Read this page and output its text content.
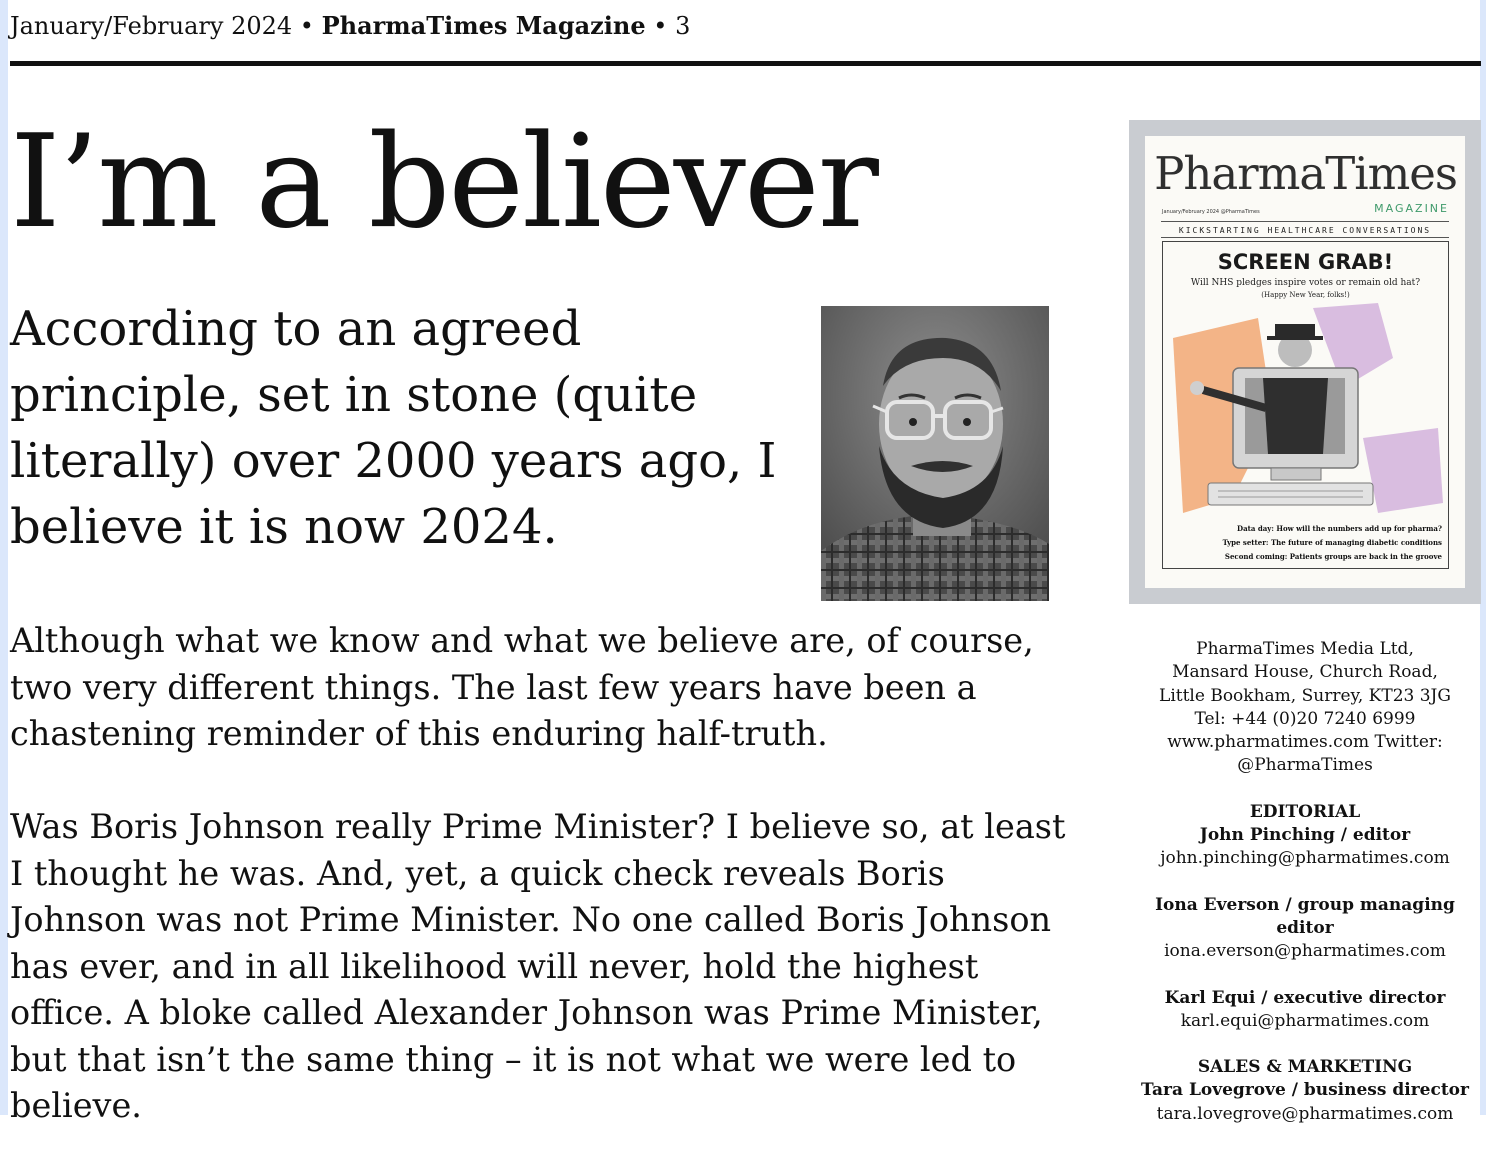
January/February 2024 • PharmaTimes Magazine • 3
I’m a believer
According to an agreed principle, set in stone (quite literally) over 2000 years ago, I believe it is now 2024.

Although what we know and what we believe are, of course, two very different things. The last few years have been a chastening reminder of this enduring half-truth.

Was Boris Johnson really Prime Minister? I believe so, at least I thought he was. And, yet, a quick check reveals Boris Johnson was not Prime Minister. No one called Boris Johnson has ever, and in all likelihood will never, hold the highest office. A bloke called Alexander Johnson was Prime Minister, but that isn’t the same thing – it is not what we were led to believe.

PharmaTimes
MAGAZINE
January/February 2024 @PharmaTimes
KICKSTARTING HEALTHCARE CONVERSATIONS
SCREEN GRAB!
Will NHS pledges inspire votes or remain old hat?
(Happy New Year, folks!)
Data day: How will the numbers add up for pharma?
Type setter: The future of managing diabetic conditions
Second coming: Patients groups are back in the groove
PharmaTimes Media Ltd,
Mansard House, Church Road,
Little Bookham, Surrey, KT23 3JG
Tel: +44 (0)20 7240 6999
www.pharmatimes.com Twitter:
@PharmaTimes
EDITORIAL
John Pinching / editor
john.pinching@pharmatimes.com
Iona Everson / group managing editor
iona.everson@pharmatimes.com
Karl Equi / executive director
karl.equi@pharmatimes.com
SALES & MARKETING
Tara Lovegrove / business director
tara.lovegrove@pharmatimes.com
